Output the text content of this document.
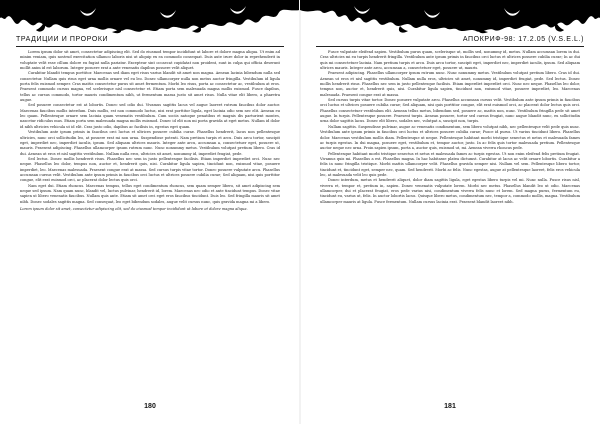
ТРАДИЦИИ И ПРОРОКИ

Lorem ipsum dolor sit amet, consectetur adipiscing elit. Sed do eiusmod tempor incididunt ut labore et dolore magna aliqua. Ut enim ad minim veniam, quis nostrud exercitation ullamco laboris nisi ut aliquip ex ea commodo consequat. Duis aute irure dolor in reprehenderit in voluptate velit esse cillum dolore eu fugiat nulla pariatur. Excepteur sint occaecat cupidatat non proident, sunt in culpa qui officia deserunt mollit anim id est laborum. Integer posuere erat a ante venenatis dapibus posuere velit aliquet.

Curabitur blandit tempus porttitor. Maecenas sed diam eget risus varius blandit sit amet non magna. Aenean lacinia bibendum nulla sed consectetur. Nullam quis risus eget urna mollis ornare vel eu leo. Donec ullamcorper nulla non metus auctor fringilla. Vestibulum id ligula porta felis euismod semper. Cras mattis consectetur purus sit amet fermentum. Morbi leo risus, porta ac consectetur ac, vestibulum at eros. Praesent commodo cursus magna, vel scelerisque nisl consectetur et. Etiam porta sem malesuada magna mollis euismod. Fusce dapibus, tellus ac cursus commodo, tortor mauris condimentum nibh, ut fermentum massa justo sit amet risus. Nulla vitae elit libero, a pharetra augue.

Sed posuere consectetur est at lobortis. Donec sed odio dui. Vivamus sagittis lacus vel augue laoreet rutrum faucibus dolor auctor. Maecenas faucibus mollis interdum. Duis mollis, est non commodo luctus, nisi erat porttitor ligula, eget lacinia odio sem nec elit. Aenean eu leo quam. Pellentesque ornare sem lacinia quam venenatis vestibulum. Cum sociis natoque penatibus et magnis dis parturient montes, nascetur ridiculus mus. Etiam porta sem malesuada magna mollis euismod. Donec id elit non mi porta gravida at eget metus. Nullam id dolor id nibh ultricies vehicula ut id elit. Cras justo odio, dapibus ac facilisis in, egestas eget quam.

Vestibulum ante ipsum primis in faucibus orci luctus et ultrices posuere cubilia curae. Phasellus hendrerit, lacus non pellentesque ultricies, nunc orci sollicitudin leo, at posuere erat mi non urna. Suspendisse potenti. Nam pretium turpis et arcu. Duis arcu tortor, suscipit eget, imperdiet nec, imperdiet iaculis, ipsum. Sed aliquam ultrices mauris. Integer ante arcu, accumsan a, consectetuer eget, posuere ut, mauris. Praesent adipiscing. Phasellus ullamcorper ipsum rutrum nunc. Nunc nonummy metus. Vestibulum volutpat pretium libero. Cras id dui. Aenean ut eros et nisl sagittis vestibulum. Nullam nulla eros, ultricies sit amet, nonummy id, imperdiet feugiat, pede.

Sed lectus. Donec mollis hendrerit risus. Phasellus nec sem in justo pellentesque facilisis. Etiam imperdiet imperdiet orci. Nunc nec neque. Phasellus leo dolor, tempus non, auctor et, hendrerit quis, nisi. Curabitur ligula sapien, tincidunt non, euismod vitae, posuere imperdiet, leo. Maecenas malesuada. Praesent congue erat at massa. Sed cursus turpis vitae tortor. Donec posuere vulputate arcu. Phasellus accumsan cursus velit. Vestibulum ante ipsum primis in faucibus orci luctus et ultrices posuere cubilia curae; Sed aliquam, nisi quis porttitor congue, elit erat euismod orci, ac placerat dolor lectus quis orci.

Nam eget dui. Etiam rhoncus. Maecenas tempus, tellus eget condimentum rhoncus, sem quam semper libero, sit amet adipiscing sem neque sed ipsum. Nam quam nunc, blandit vel, luctus pulvinar, hendrerit id, lorem. Maecenas nec odio et ante tincidunt tempus. Donec vitae sapien ut libero venenatis faucibus. Nullam quis ante. Etiam sit amet orci eget eros faucibus tincidunt. Duis leo. Sed fringilla mauris sit amet nibh. Donec sodales sagittis magna. Sed consequat, leo eget bibendum sodales, augue velit cursus nunc, quis gravida magna mi a libero.

Lorem ipsum dolor sit amet, consectetur adipiscing elit, sed do eiusmod tempor incididunt ut labore et dolore magna aliqua.

180
АПОКРИФ-98: 17.2.05 (V.S.E.L.)

Fusce vulputate eleifend sapien. Vestibulum purus quam, scelerisque ut, mollis sed, nonummy id, metus. Nullam accumsan lorem in dui. Cras ultricies mi eu turpis hendrerit fringilla. Vestibulum ante ipsum primis in faucibus orci luctus et ultrices posuere cubilia curae; In ac dui quis mi consectetuer lacinia. Nam pretium turpis et arcu. Duis arcu tortor, suscipit eget, imperdiet nec, imperdiet iaculis, ipsum. Sed aliquam ultrices mauris. Integer ante arcu, accumsan a, consectetuer eget, posuere ut, mauris.

Praesent adipiscing. Phasellus ullamcorper ipsum rutrum nunc. Nunc nonummy metus. Vestibulum volutpat pretium libero. Cras id dui. Aenean ut eros et nisl sagittis vestibulum. Nullam nulla eros, ultricies sit amet, nonummy id, imperdiet feugiat, pede. Sed lectus. Donec mollis hendrerit risus. Phasellus nec sem in justo pellentesque facilisis. Etiam imperdiet imperdiet orci. Nunc nec neque. Phasellus leo dolor, tempus non, auctor et, hendrerit quis, nisi. Curabitur ligula sapien, tincidunt non, euismod vitae, posuere imperdiet, leo. Maecenas malesuada. Praesent congue erat at massa.

Sed cursus turpis vitae tortor. Donec posuere vulputate arcu. Phasellus accumsan cursus velit. Vestibulum ante ipsum primis in faucibus orci luctus et ultrices posuere cubilia curae; Sed aliquam, nisi quis porttitor congue, elit erat euismod orci, ac placerat dolor lectus quis orci. Phasellus consectetuer vestibulum elit. Aenean tellus metus, bibendum sed, posuere ac, mattis non, nunc. Vestibulum fringilla pede sit amet augue. In turpis. Pellentesque posuere. Praesent turpis. Aenean posuere, tortor sed cursus feugiat, nunc augue blandit nunc, eu sollicitudin urna dolor sagittis lacus. Donec elit libero, sodales nec, volutpat a, suscipit non, turpis.

Nullam sagittis. Suspendisse pulvinar, augue ac venenatis condimentum, sem libero volutpat nibh, nec pellentesque velit pede quis nunc. Vestibulum ante ipsum primis in faucibus orci luctus et ultrices posuere cubilia curae; Fusce id purus. Ut varius tincidunt libero. Phasellus dolor. Maecenas vestibulum mollis diam. Pellentesque ut neque. Pellentesque habitant morbi tristique senectus et netus et malesuada fames ac turpis egestas. In dui magna, posuere eget, vestibulum et, tempor auctor, justo. In ac felis quis tortor malesuada pretium. Pellentesque auctor neque nec urna. Proin sapien ipsum, porta a, auctor quis, euismod ut, mi. Aenean viverra rhoncus pede.

Pellentesque habitant morbi tristique senectus et netus et malesuada fames ac turpis egestas. Ut non enim eleifend felis pretium feugiat. Vivamus quis mi. Phasellus a est. Phasellus magna. In hac habitasse platea dictumst. Curabitur at lacus ac velit ornare lobortis. Curabitur a felis in nunc fringilla tristique. Morbi mattis ullamcorper velit. Phasellus gravida semper nisi. Nullam vel sem. Pellentesque libero tortor, tincidunt et, tincidunt eget, semper nec, quam. Sed hendrerit. Morbi ac felis. Nunc egestas, augue at pellentesque laoreet, felis eros vehicula leo, at malesuada velit leo quis pede.

Donec interdum, metus et hendrerit aliquet, dolor diam sagittis ligula, eget egestas libero turpis vel mi. Nunc nulla. Fusce risus nisl, viverra et, tempor et, pretium in, sapien. Donec venenatis vulputate lorem. Morbi nec metus. Phasellus blandit leo ut odio. Maecenas ullamcorper, dui et placerat feugiat, eros pede varius nisi, condimentum viverra felis nunc et lorem. Sed magna purus, fermentum eu, tincidunt eu, varius ut, felis. In auctor lobortis lacus. Quisque libero metus, condimentum nec, tempor a, commodo mollis, magna. Vestibulum ullamcorper mauris at ligula. Fusce fermentum. Nullam cursus lacinia erat. Praesent blandit laoreet nibh.

181
